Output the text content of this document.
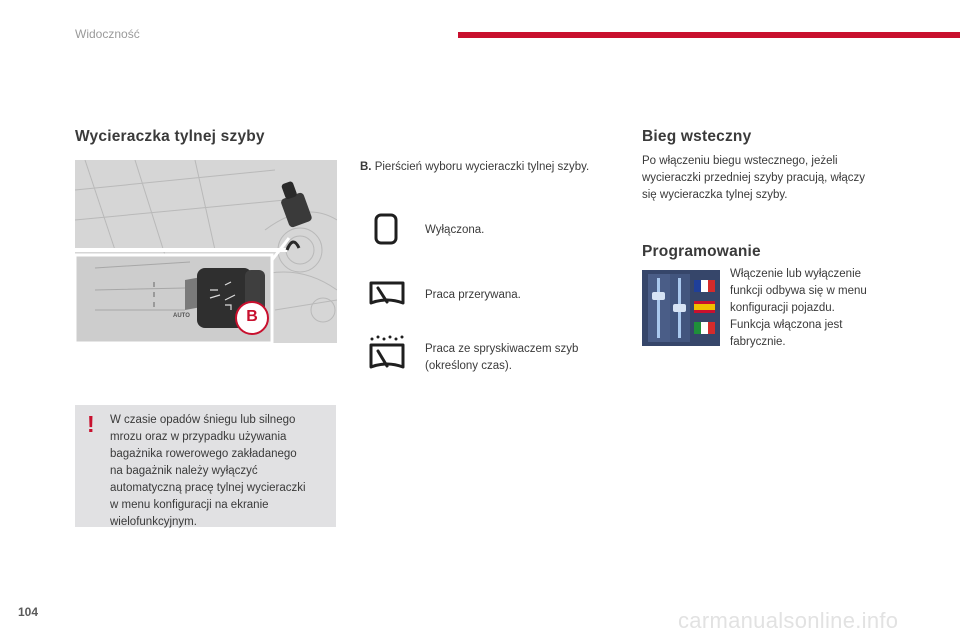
Widoczność
Wycieraczka tylnej szyby
B
AUTO
!	W czasie opadów śniegu lub silnego
mrozu oraz w przypadku używania
bagażnika rowerowego zakładanego
na bagażnik należy wyłączyć
automatyczną pracę tylnej wycieraczki
w menu konfiguracji na ekranie
wielofunkcyjnym.
B. Pierścień wyboru wycieraczki tylnej szyby.
Wyłączona.
Praca przerywana.
Praca ze spryskiwaczem szyb
(określony czas).
Bieg wsteczny
Po włączeniu biegu wstecznego, jeżeli
wycieraczki przedniej szyby pracują, włączy
się wycieraczka tylnej szyby.
Programowanie
Włączenie lub wyłączenie
funkcji odbywa się w menu
konfiguracji pojazdu.
Funkcja włączona jest
fabrycznie.
104	carmanualsonline.info
